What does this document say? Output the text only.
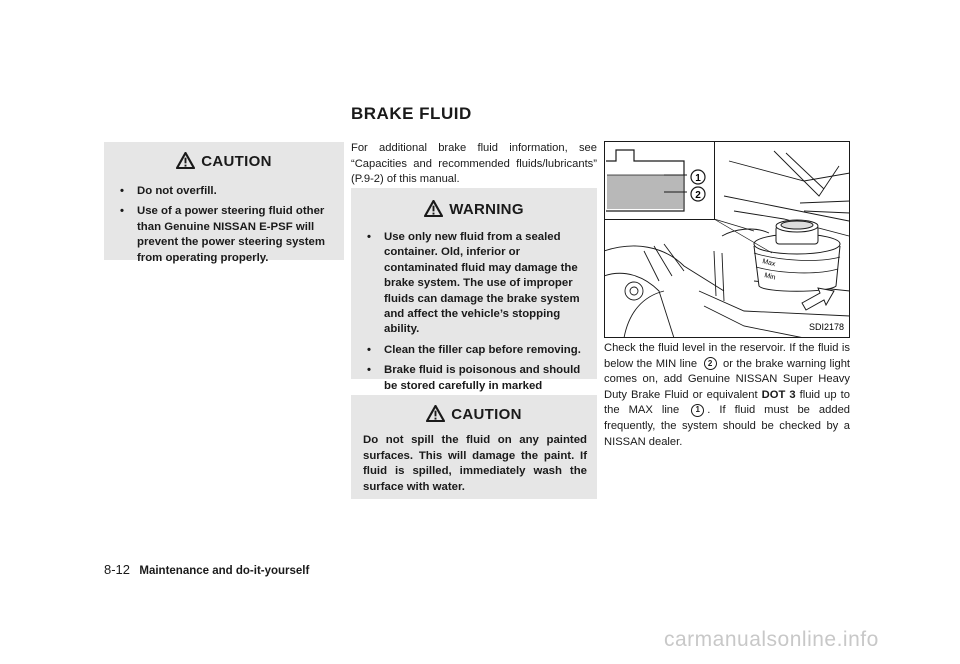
CAUTION
• Do not overfill.
• Use of a power steering fluid other than Genuine NISSAN E-PSF will prevent the power steering system from operating properly.
BRAKE FLUID
For additional brake fluid information, see “Capacities and recommended fluids/lubricants” (P.9-2) of this manual.
WARNING
• Use only new fluid from a sealed container. Old, inferior or contaminated fluid may damage the brake system. The use of improper fluids can damage the brake system and affect the vehicle’s stopping ability.
• Clean the filler cap before removing.
• Brake fluid is poisonous and should be stored carefully in marked
CAUTION
Do not spill the fluid on any painted surfaces. This will damage the paint. If fluid is spilled, immediately wash the surface with water.
Max
Min
1
2
SDI2178
Check the fluid level in the reservoir. If the fluid is below the MIN line 2 or the brake warning light comes on, add Genuine NISSAN Super Heavy Duty Brake Fluid or equivalent DOT 3 fluid up to the MAX line 1 . If fluid must be added frequently, the system should be checked by a NISSAN dealer.
8-12 Maintenance and do-it-yourself
carmanualsonline.info
